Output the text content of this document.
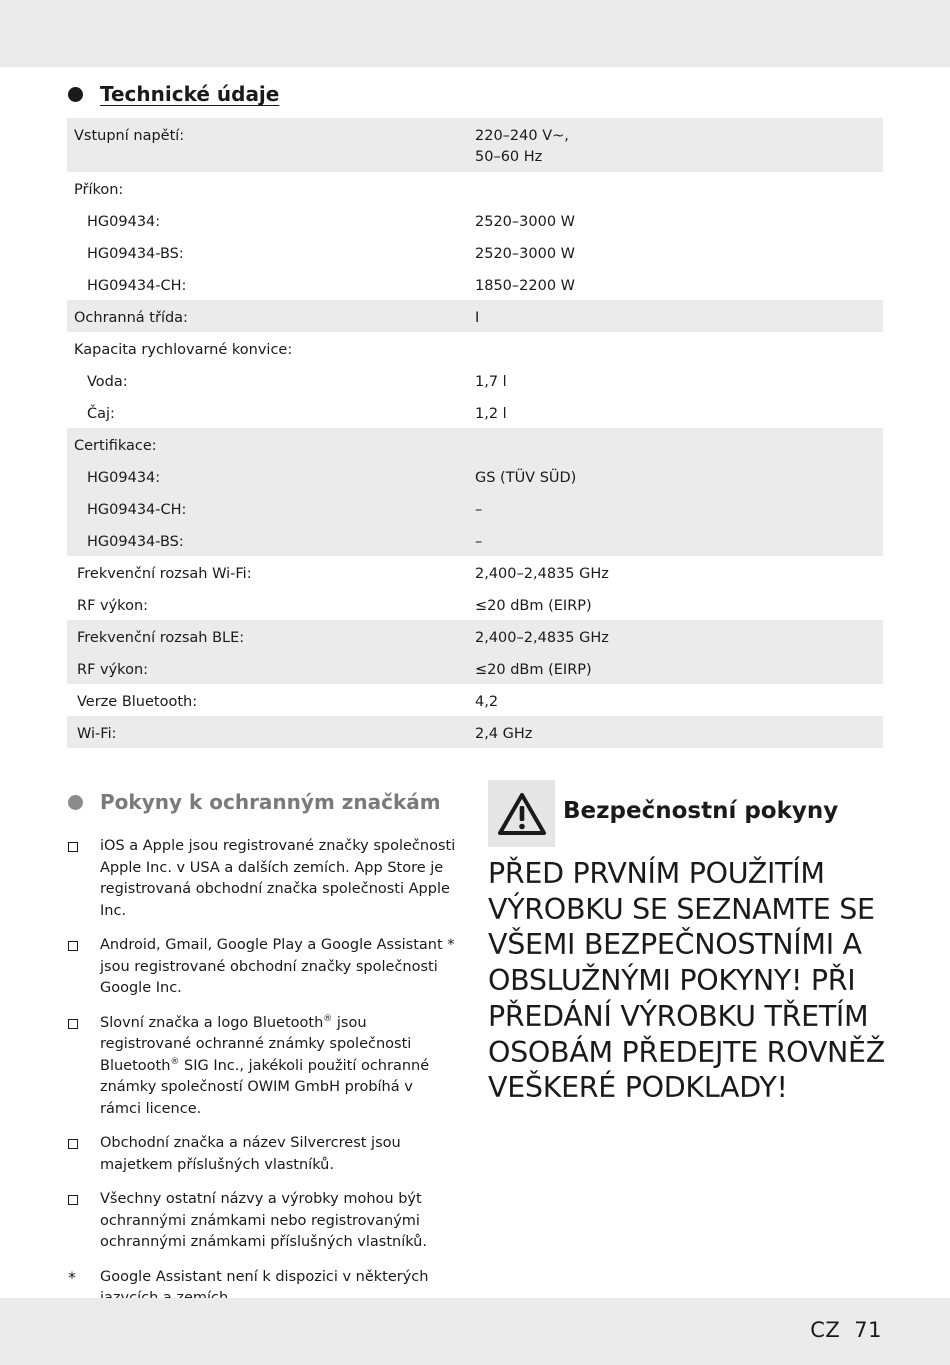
Technické údaje
Vstupní napětí:	220–240 V~,
50–60 Hz

Příkon:	

HG09434:	2520–3000 W

HG09434-BS:	2520–3000 W

HG09434-CH:	1850–2200 W

Ochranná třída:	I

Kapacita rychlovarné konvice:	

Voda:	1,7 l

Čaj:	1,2 l

Certifikace:	

HG09434:	GS (TÜV SÜD)

HG09434-CH:	–

HG09434-BS:	–

Frekvenční rozsah Wi-Fi:	2,400–2,4835 GHz

RF výkon:	≤20 dBm (EIRP)

Frekvenční rozsah BLE:	2,400–2,4835 GHz

RF výkon:	≤20 dBm (EIRP)

Verze Bluetooth:	4,2

Wi-Fi:	2,4 GHz
Pokyny k ochranným značkám
iOS a Apple jsou registrované značky společnosti Apple Inc. v USA a dalších zemích. App Store je registrovaná obchodní značka společnosti Apple Inc.
Android, Gmail, Google Play a Google Assistant * jsou registrované obchodní značky společnosti Google Inc.
Slovní značka a logo Bluetooth® jsou registrované ochranné známky společnosti Bluetooth® SIG Inc., jakékoli použití ochranné známky společností OWIM GmbH probíhá v rámci licence.
Obchodní značka a název Silvercrest jsou majetkem příslušných vlastníků.
Všechny ostatní názvy a výrobky mohou být ochrannými známkami nebo registrovanými ochrannými známkami příslušných vlastníků.
*	Google Assistant není k dispozici v některých
Bezpečnostní pokyny
PŘED PRVNÍM POUŽITÍM VÝROBKU SE SEZNAMTE SE VŠEMI BEZPEČNOSTNÍMI A OBSLUŽNÝMI POKYNY! PŘI PŘEDÁNÍ VÝROBKU TŘETÍM OSOBÁM PŘEDEJTE ROVNĚŽ VEŠKERÉ PODKLADY!
CZ 71
